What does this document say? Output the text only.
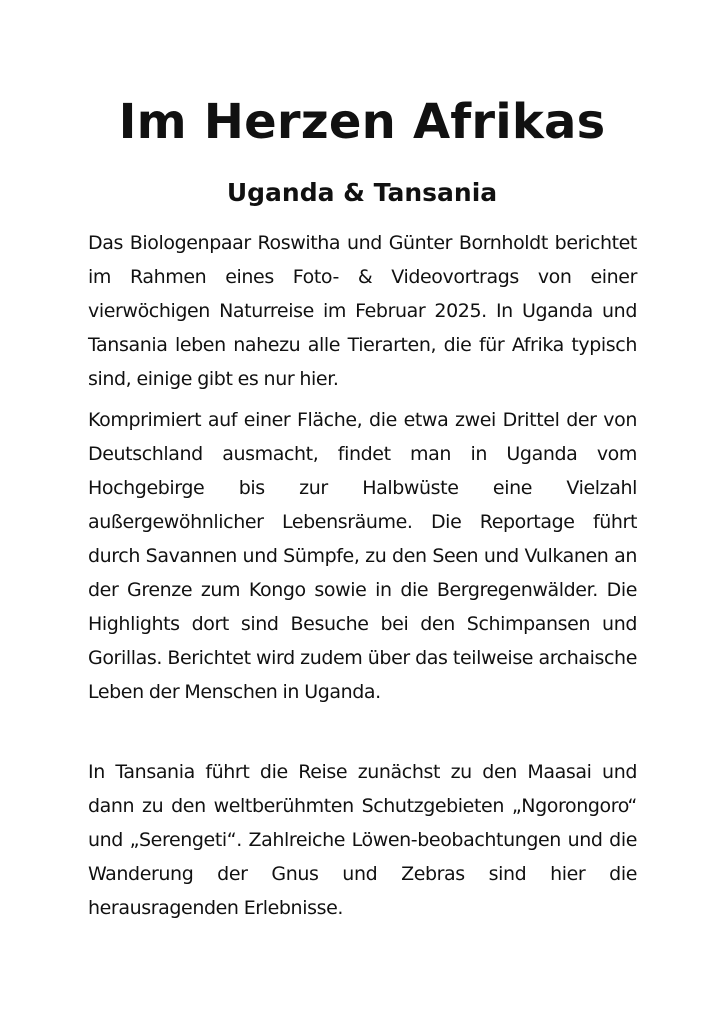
Im Herzen Afrikas
Uganda & Tansania

Das Biologenpaar Roswitha und Günter Bornholdt berichtet im Rahmen eines Foto- & Videovortrags von einer vierwöchigen Naturreise im Februar 2025. In Uganda und Tansania leben nahezu alle Tierarten, die für Afrika typisch sind, einige gibt es nur hier.

Komprimiert auf einer Fläche, die etwa zwei Drittel der von Deutschland ausmacht, findet man in Uganda vom Hochgebirge bis zur Halbwüste eine Vielzahl außergewöhnlicher Lebensräume. Die Reportage führt durch Savannen und Sümpfe, zu den Seen und Vulkanen an der Grenze zum Kongo sowie in die Bergregenwälder. Die Highlights dort sind Besuche bei den Schimpansen und Gorillas. Berichtet wird zudem über das teilweise archaische Leben der Menschen in Uganda.

In Tansania führt die Reise zunächst zu den Maasai und dann zu den weltberühmten Schutzgebieten „Ngorongoro“ und „Serengeti“. Zahlreiche Löwen-beobachtungen und die Wanderung der Gnus und Zebras sind hier die herausragenden Erlebnisse.
